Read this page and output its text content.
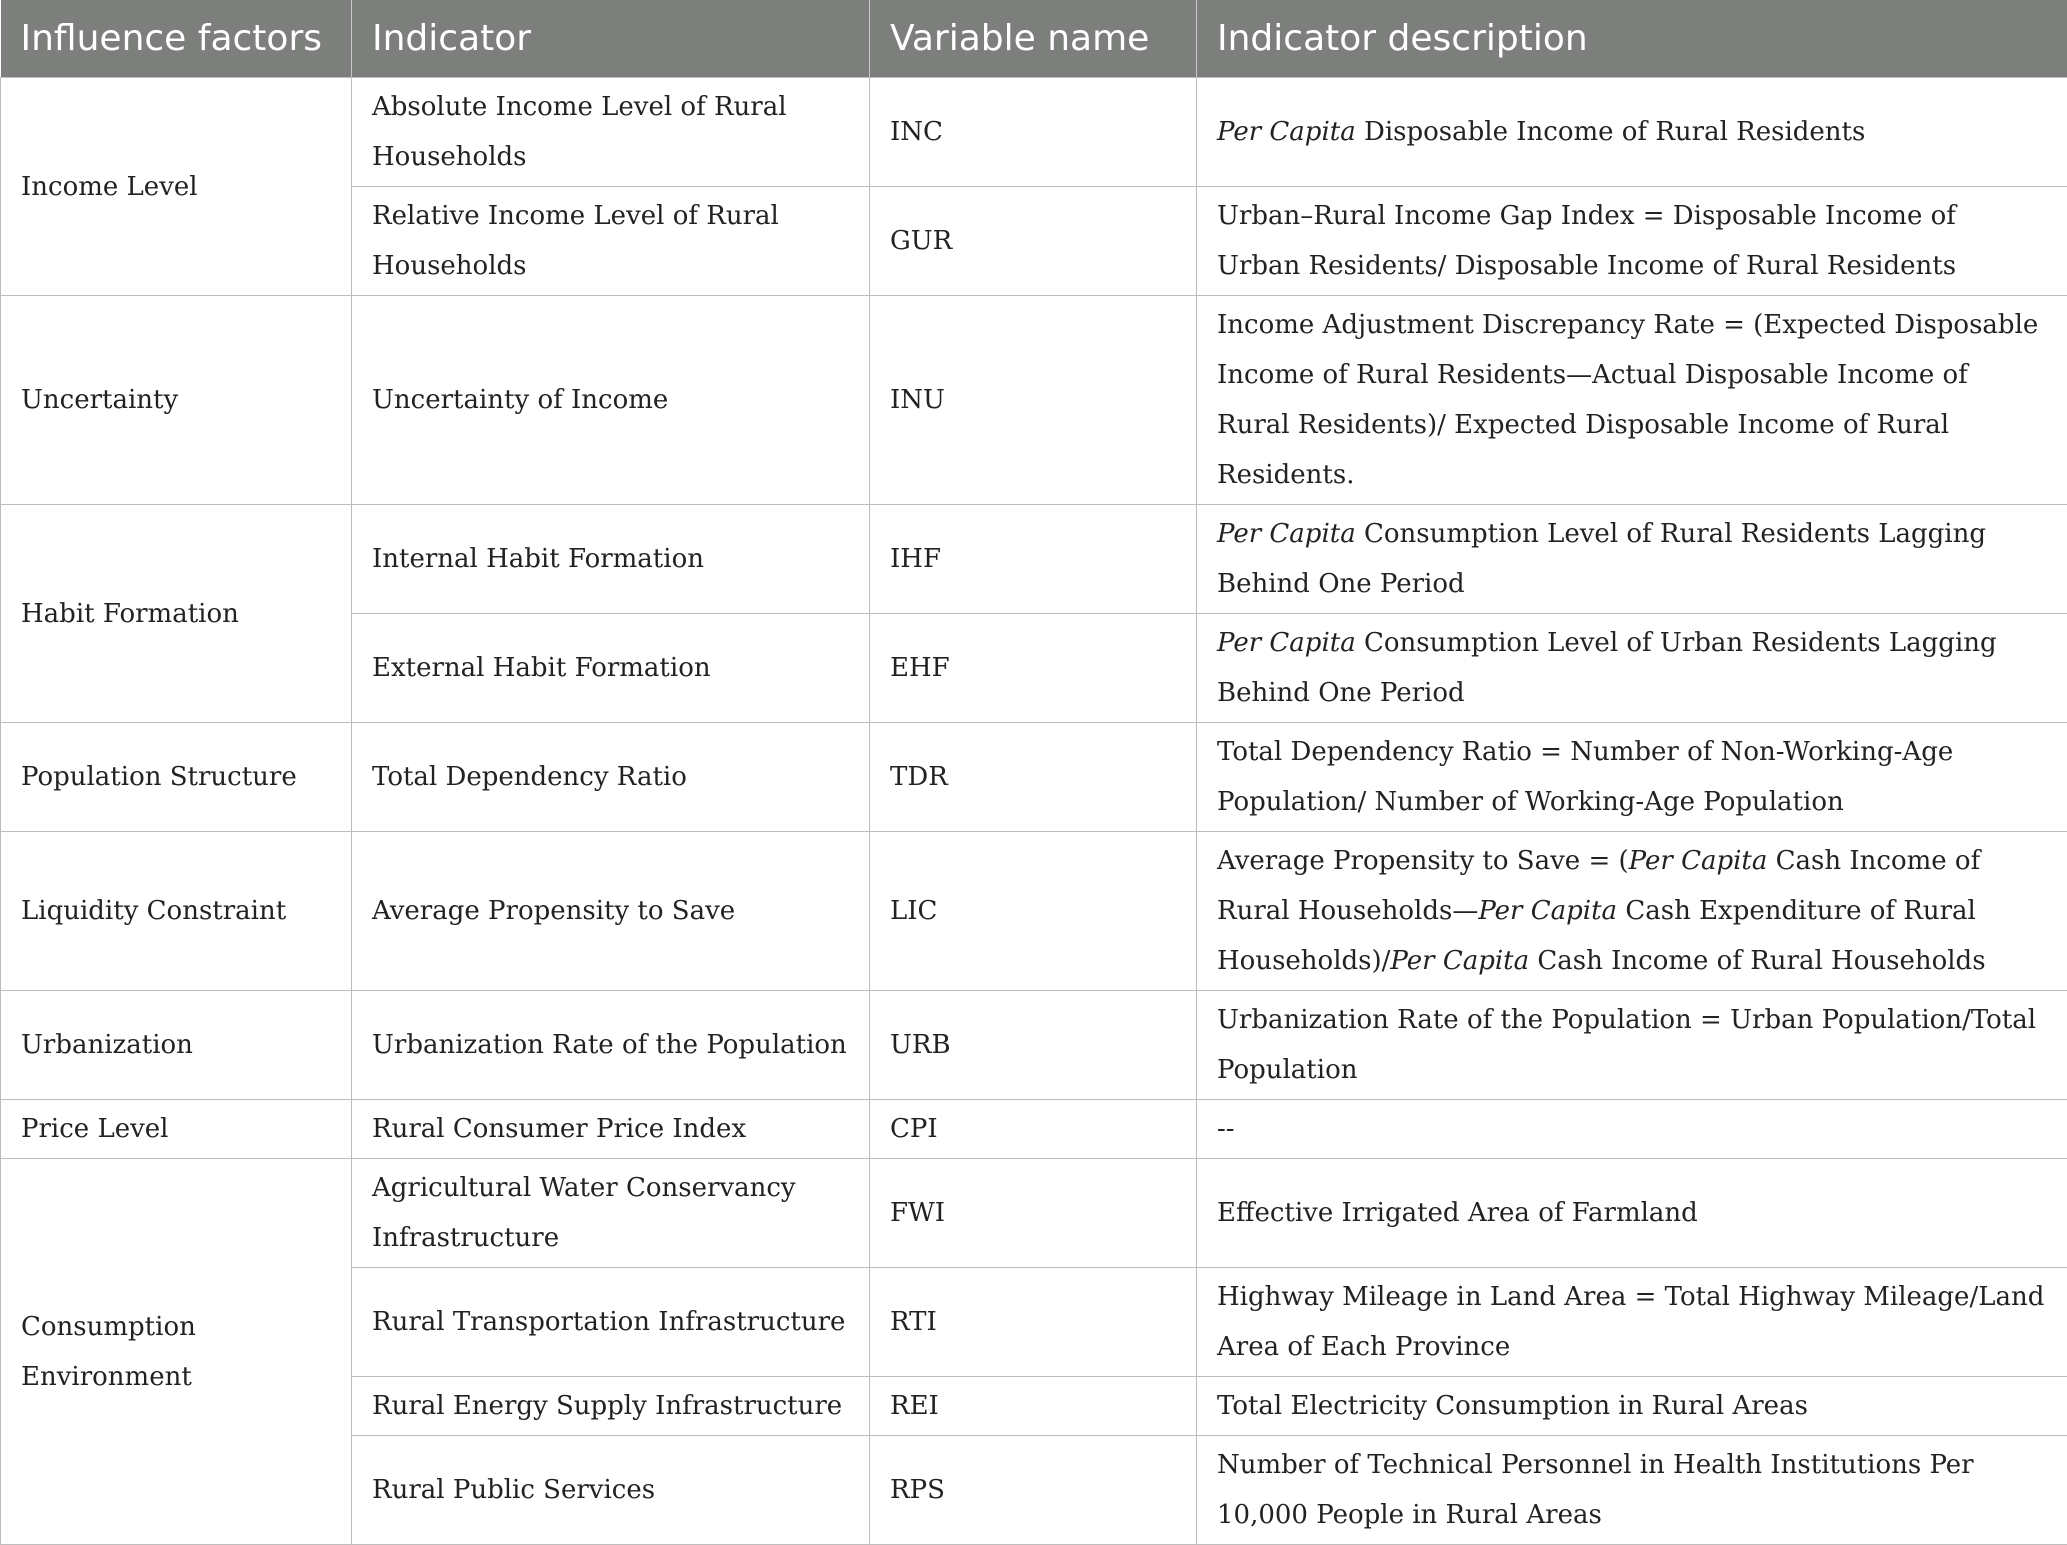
Influence factors	Indicator	Variable name	Indicator description
Income Level	Absolute Income Level of Rural Households	INC	Per Capita Disposable Income of Rural Residents
	Relative Income Level of Rural Households	GUR	Urban–Rural Income Gap Index = Disposable Income of Urban Residents/ Disposable Income of Rural Residents
Uncertainty	Uncertainty of Income	INU	Income Adjustment Discrepancy Rate = (Expected Disposable Income of Rural Residents—Actual Disposable Income of Rural Residents)/ Expected Disposable Income of Rural Residents.
Habit Formation	Internal Habit Formation	IHF	Per Capita Consumption Level of Rural Residents Lagging Behind One Period
	External Habit Formation	EHF	Per Capita Consumption Level of Urban Residents Lagging Behind One Period
Population Structure	Total Dependency Ratio	TDR	Total Dependency Ratio = Number of Non-Working-Age Population/ Number of Working-Age Population
Liquidity Constraint	Average Propensity to Save	LIC	Average Propensity to Save = (Per Capita Cash Income of Rural Households—Per Capita Cash Expenditure of Rural Households)/Per Capita Cash Income of Rural Households
Urbanization	Urbanization Rate of the Population	URB	Urbanization Rate of the Population = Urban Population/Total Population
Price Level	Rural Consumer Price Index	CPI	--
Consumption Environment	Agricultural Water Conservancy Infrastructure	FWI	Effective Irrigated Area of Farmland
	Rural Transportation Infrastructure	RTI	Highway Mileage in Land Area = Total Highway Mileage/Land Area of Each Province
	Rural Energy Supply Infrastructure	REI	Total Electricity Consumption in Rural Areas
	Rural Public Services	RPS	Number of Technical Personnel in Health Institutions Per 10,000 People in Rural Areas
